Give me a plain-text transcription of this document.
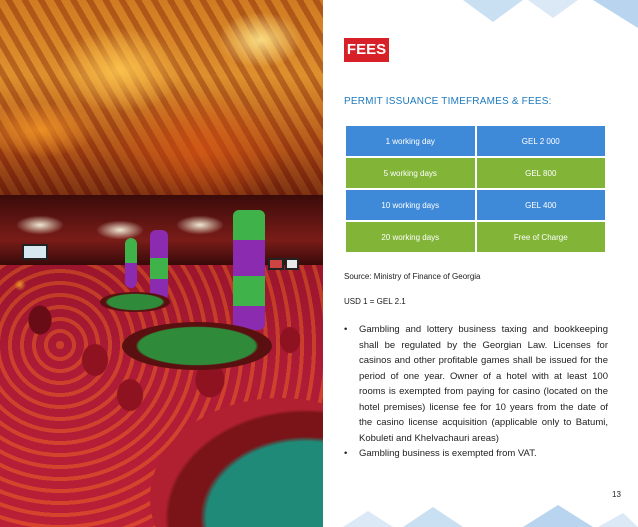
FEES
PERMIT ISSUANCE TIMEFRAMES & FEES:
1 working day	GEL 2 000
5 working days	GEL 800
10 working days	GEL 400
20 working days	Free of Charge
Source: Ministry of Finance of Georgia
USD 1 = GEL 2.1
• Gambling and lottery business taxing and bookkeeping shall be regulated by the Georgian Law. Licenses for casinos and other profitable games shall be issued for the period of one year. Owner of a hotel with at least 100 rooms is exempted from paying for casino (located on the hotel premises) license fee for 10 years from the date of the casino license acquisition (applicable only to Batumi, Kobuleti and Khelvachauri areas)
• Gambling business is exempted from VAT.
13
